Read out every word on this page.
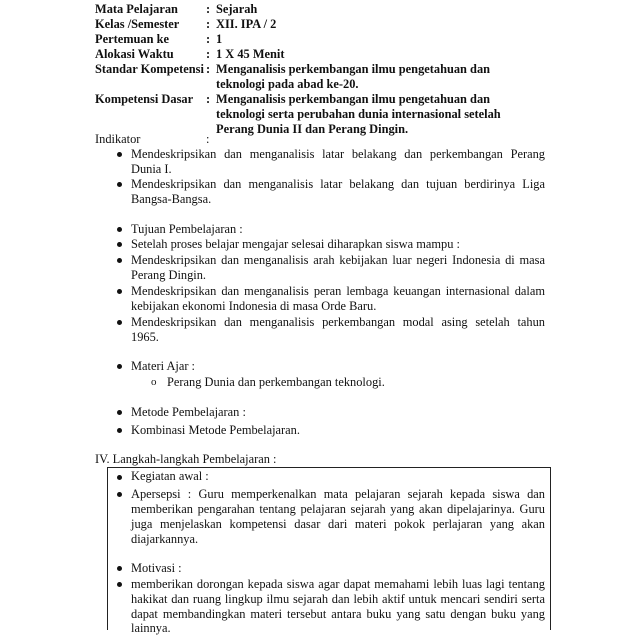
Mata Pelajaran : Sejarah
Kelas /Semester : XII. IPA / 2
Pertemuan ke	: 1
Alokasi Waktu	: 1 X 45 Menit
Standar Kompetensi : Menganalisis perkembangan ilmu pengetahuan dan
teknologi pada abad ke-20.
Kompetensi Dasar : Menganalisis perkembangan ilmu pengetahuan dan
teknologi serta perubahan dunia internasional setelah
Perang Dunia II dan Perang Dingin.
Indikator	:
Mendeskripsikan dan menganalisis latar belakang dan perkembangan Perang
Dunia I.
Mendeskripsikan dan menganalisis latar belakang dan tujuan berdirinya Liga
Bangsa-Bangsa.
Tujuan Pembelajaran :
Setelah proses belajar mengajar selesai diharapkan siswa mampu :
Mendeskripsikan dan menganalisis arah kebijakan luar negeri Indonesia di masa
Perang Dingin.
Mendeskripsikan dan menganalisis peran lembaga keuangan internasional dalam
kebijakan ekonomi Indonesia di masa Orde Baru.
Mendeskripsikan dan menganalisis perkembangan modal asing setelah tahun
1965.
Materi Ajar :
o Perang Dunia dan perkembangan teknologi.
Metode Pembelajaran :
Kombinasi Metode Pembelajaran.
IV. Langkah-langkah Pembelajaran :
Kegiatan awal :
Apersepsi : Guru memperkenalkan mata pelajaran sejarah kepada siswa dan
memberikan pengarahan tentang pelajaran sejarah yang akan dipelajarinya. Guru
juga menjelaskan kompetensi dasar dari materi pokok perlajaran yang akan
diajarkannya.
Motivasi :
memberikan dorongan kepada siswa agar dapat memahami lebih luas lagi tentang
hakikat dan ruang lingkup ilmu sejarah dan lebih aktif untuk mencari sendiri serta
dapat membandingkan materi tersebut antara buku yang satu dengan buku yang
lainnya.
